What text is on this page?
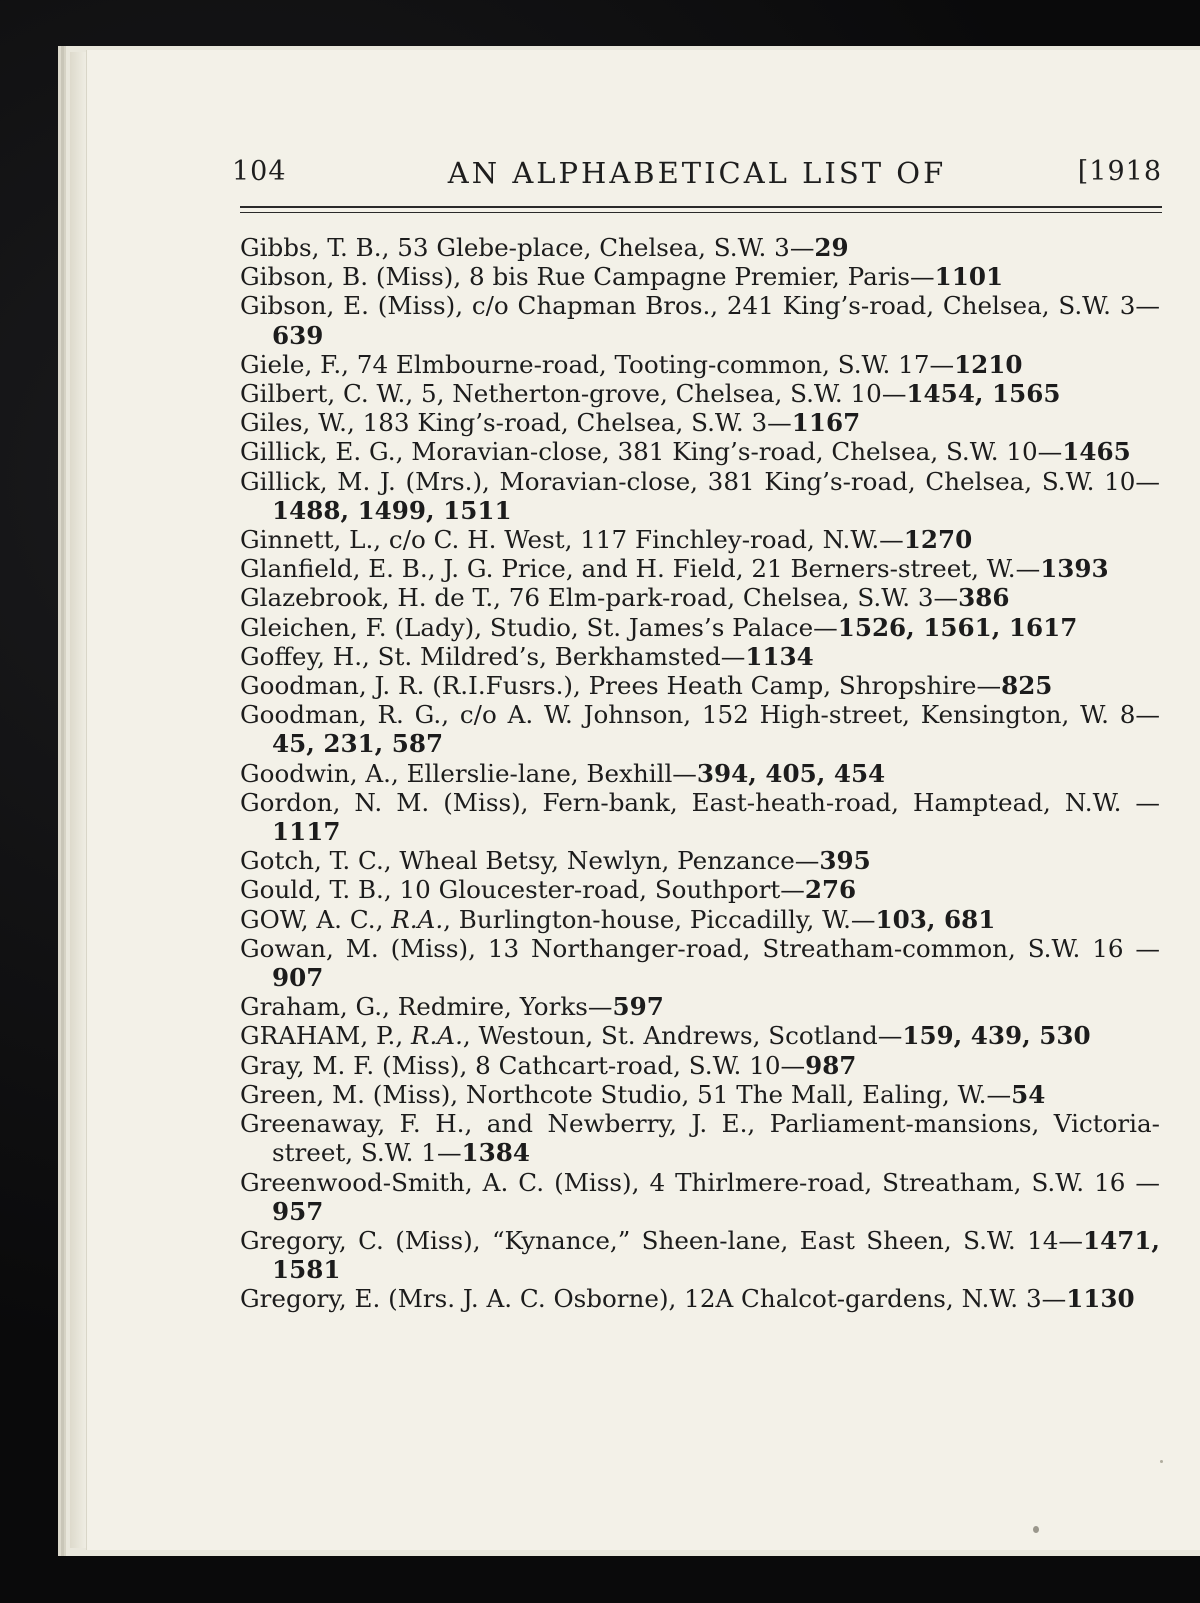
104	AN ALPHABETICAL LIST OF	[1918
Gibbs, T. B., 53 Glebe-place, Chelsea, S.W. 3—29
Gibson, B. (Miss), 8 bis Rue Campagne Premier, Paris—1101
Gibson, E. (Miss), c/o Chapman Bros., 241 King’s-road, Chelsea, S.W. 3—639
Giele, F., 74 Elmbourne-road, Tooting-common, S.W. 17—1210
Gilbert, C. W., 5, Netherton-grove, Chelsea, S.W. 10—1454, 1565
Giles, W., 183 King’s-road, Chelsea, S.W. 3—1167
Gillick, E. G., Moravian-close, 381 King’s-road, Chelsea, S.W. 10—1465
Gillick, M. J. (Mrs.), Moravian-close, 381 King’s-road, Chelsea, S.W. 10—1488, 1499, 1511
Ginnett, L., c/o C. H. West, 117 Finchley-road, N.W.—1270
Glanfield, E. B., J. G. Price, and H. Field, 21 Berners-street, W.—1393
Glazebrook, H. de T., 76 Elm-park-road, Chelsea, S.W. 3—386
Gleichen, F. (Lady), Studio, St. James’s Palace—1526, 1561, 1617
Goffey, H., St. Mildred’s, Berkhamsted—1134
Goodman, J. R. (R.I.Fusrs.), Prees Heath Camp, Shropshire—825
Goodman, R. G., c/o A. W. Johnson, 152 High-street, Kensington, W. 8—45, 231, 587
Goodwin, A., Ellerslie-lane, Bexhill—394, 405, 454
Gordon, N. M. (Miss), Fern-bank, East-heath-road, Hamptead, N.W. —1117
Gotch, T. C., Wheal Betsy, Newlyn, Penzance—395
Gould, T. B., 10 Gloucester-road, Southport—276
GOW, A. C., R.A., Burlington-house, Piccadilly, W.—103, 681
Gowan, M. (Miss), 13 Northanger-road, Streatham-common, S.W. 16 —907
Graham, G., Redmire, Yorks—597
GRAHAM, P., R.A., Westoun, St. Andrews, Scotland—159, 439, 530
Gray, M. F. (Miss), 8 Cathcart-road, S.W. 10—987
Green, M. (Miss), Northcote Studio, 51 The Mall, Ealing, W.—54
Greenaway, F. H., and Newberry, J. E., Parliament-mansions, Victoria-street, S.W. 1—1384
Greenwood-Smith, A. C. (Miss), 4 Thirlmere-road, Streatham, S.W. 16 —957
Gregory, C. (Miss), “Kynance,” Sheen-lane, East Sheen, S.W. 14—1471, 1581
Gregory, E. (Mrs. J. A. C. Osborne), 12A Chalcot-gardens, N.W. 3—1130
